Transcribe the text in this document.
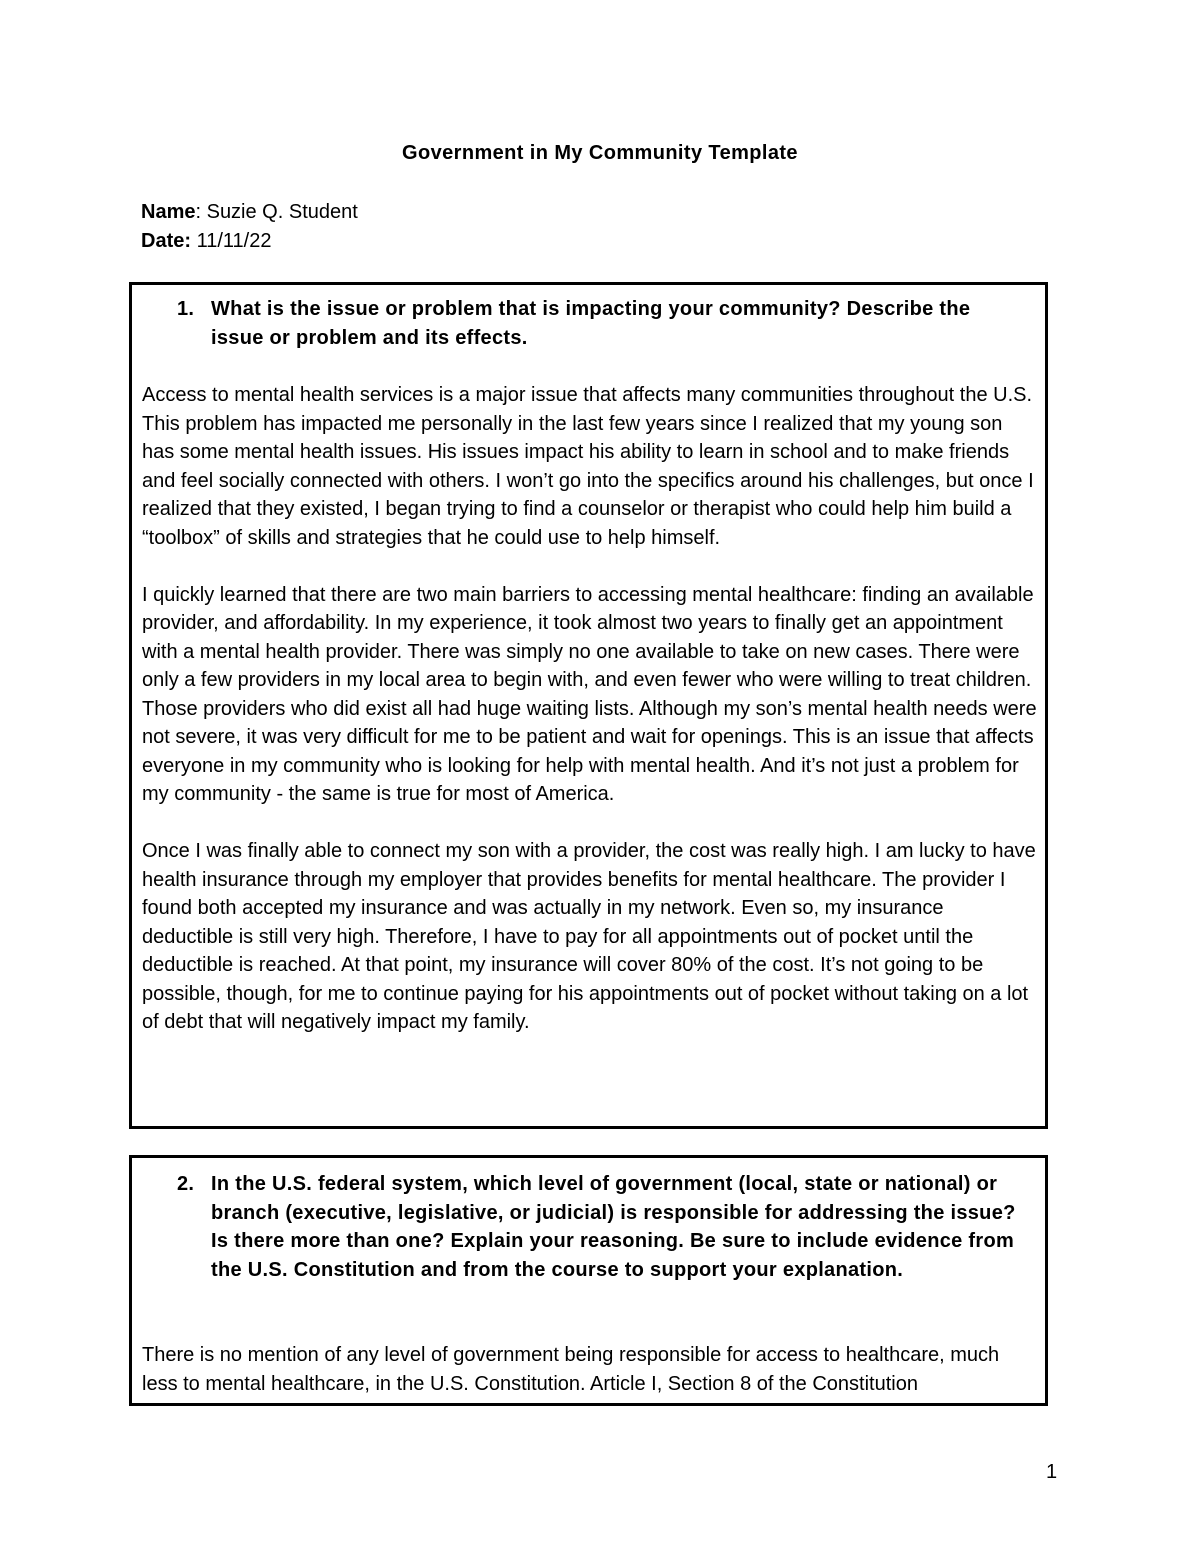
Government in My Community Template
Name: Suzie Q. Student
Date: 11/11/22
1. What is the issue or problem that is impacting your community? Describe the issue or problem and its effects.

Access to mental health services is a major issue that affects many communities throughout the U.S. This problem has impacted me personally in the last few years since I realized that my young son has some mental health issues. His issues impact his ability to learn in school and to make friends and feel socially connected with others. I won’t go into the specifics around his challenges, but once I realized that they existed, I began trying to find a counselor or therapist who could help him build a “toolbox” of skills and strategies that he could use to help himself.

I quickly learned that there are two main barriers to accessing mental healthcare: finding an available provider, and affordability. In my experience, it took almost two years to finally get an appointment with a mental health provider. There was simply no one available to take on new cases. There were only a few providers in my local area to begin with, and even fewer who were willing to treat children. Those providers who did exist all had huge waiting lists. Although my son’s mental health needs were not severe, it was very difficult for me to be patient and wait for openings. This is an issue that affects everyone in my community who is looking for help with mental health. And it’s not just a problem for my community - the same is true for most of America.

Once I was finally able to connect my son with a provider, the cost was really high. I am lucky to have health insurance through my employer that provides benefits for mental healthcare. The provider I found both accepted my insurance and was actually in my network. Even so, my insurance deductible is still very high. Therefore, I have to pay for all appointments out of pocket until the deductible is reached. At that point, my insurance will cover 80% of the cost. It’s not going to be possible, though, for me to continue paying for his appointments out of pocket without taking on a lot of debt that will negatively impact my family.

2. In the U.S. federal system, which level of government (local, state or national) or branch (executive, legislative, or judicial) is responsible for addressing the issue? Is there more than one? Explain your reasoning. Be sure to include evidence from the U.S. Constitution and from the course to support your explanation.

There is no mention of any level of government being responsible for access to healthcare, much less to mental healthcare, in the U.S. Constitution. Article I, Section 8 of the Constitution

1
